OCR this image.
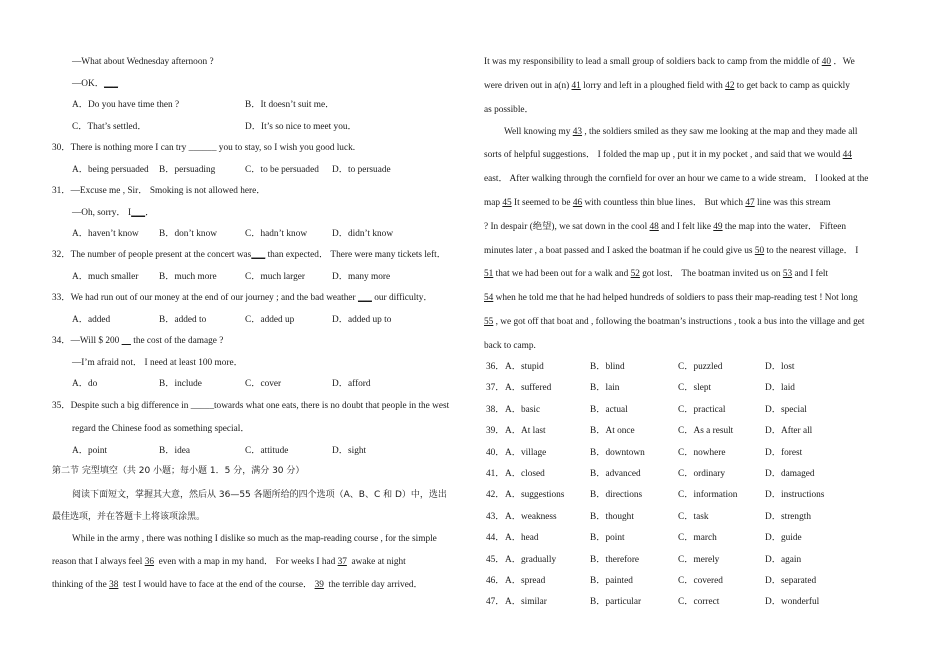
—What about Wednesday afternoon ?
—OK．___
A．Do you have time then ?	B．It doesn’t suit me．
C．That’s settled．	D．It’s so nice to meet you．
30．There is nothing more I can try ______ you to stay, so I wish you good luck.
A．being persuaded B．persuading	C．to be persuaded D．to persuade
31．—Excuse me , Sir． Smoking is not allowed here．
—Oh, sorry． I___．
A．haven’t know B．don’t know	C．hadn’t know	D．didn’t know
32．The number of people present at the concert was___ than expected． There were many tickets left．
A．much smaller B．much more	C．much larger	D．many more
33．We had run out of our money at the end of our journey ; and the bad weather ___ our difficulty．
A．added	B．added to	C．added up	D．added up to
34．—Will $ 200 the cost of the damage ?
—I’m afraid not． I need at least 100 more．
A．do	B．include	C．cover	D．afford
35．Despite such a big difference in _____towards what one eats, there is no doubt that people in the west
regard the Chinese food as something special．
A．point	B．idea	C．attitude	D．sight
第二节 完型填空（共 20 小题；每小题 1．5 分，满分 30 分）
阅读下面短文，掌握其大意，然后从 36—55 各题所给的四个选项（A、B、C 和 D）中，选出
最佳选项，并在答题卡上将该项涂黑。
While in the army , there was nothing I dislike so much as the map-reading course , for the simple
reason that I always feel 36 even with a map in my hand． For weeks I had 37 awake at night
thinking of the 38 test I would have to face at the end of the course． 39 the terrible day arrived．
It was my responsibility to lead a small group of soldiers back to camp from the middle of 40 ．We
were driven out in a(n) 41 lorry and left in a ploughed field with 42 to get back to camp as quickly
as possible．
Well knowing my 43 , the soldiers smiled as they saw me looking at the map and they made all
sorts of helpful suggestions． I folded the map up , put it in my pocket , and said that we would 44
east． After walking through the cornfield for over an hour we came to a wide stream． I looked at the
map 45 It seemed to be 46 with countless thin blue lines． But which 47 line was this stream
? In despair (绝望), we sat down in the cool 48 and I felt like 49 the map into the water． Fifteen
minutes later , a boat passed and I asked the boatman if he could give us 50 to the nearest village． I
51 that we had been out for a walk and 52 got lost． The boatman invited us on 53 and I felt
54 when he told me that he had helped hundreds of soldiers to pass their map-reading test ! Not long
55 , we got off that boat and , following the boatman’s instructions , took a bus into the village and get
back to camp.
36． A．stupid	B．blind	C．puzzled	D．lost
37． A．suffered	B．lain	C．slept	D．laid
38． A．basic	B．actual	C．practical	D．special
39． A．At last	B．At once	C．As a result	D．After all
40． A．village	B．downtown	C．nowhere	D．forest
41． A．closed	B．advanced	C．ordinary	D．damaged
42． A．suggestions	B．directions	C．information	D．instructions
43． A．weakness	B．thought	C．task	D．strength
44． A．head	B．point	C．march	D．guide
45． A．gradually	B．therefore	C．merely	D．again
46． A．spread	B．painted	C．covered	D．separated
47． A．similar	B．particular	C．correct	D．wonderful
